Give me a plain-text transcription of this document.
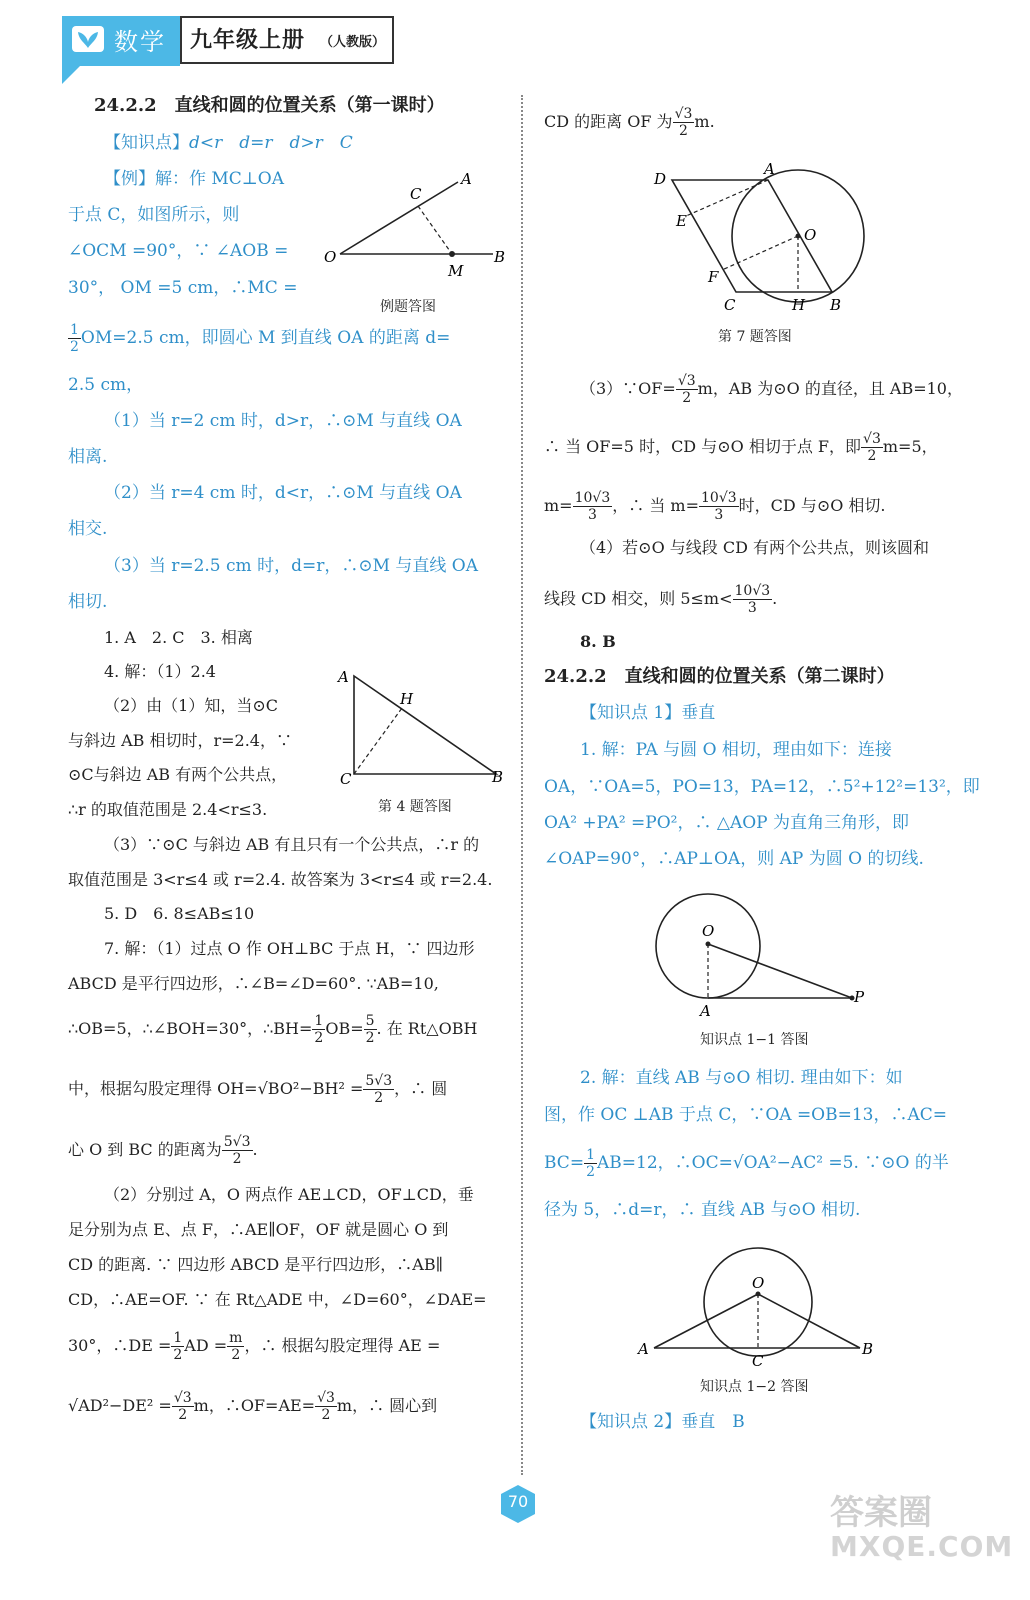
数学 九年级上册 （人教版）
24.2.2　直线和圆的位置关系（第一课时）
【知识点】d<r　d=r　d>r　C
【例】解：作 MC⊥OA
于点 C，如图所示，则
∠OCM =90°，∵ ∠AOB =
30°， OM =5 cm，∴MC =
$\frac{1}{2} OM=2.5$ cm，即圆心 M 到直线 OA 的距离 d=
2.5 cm，
（1）当 r=2 cm 时，d>r，∴⊙M 与直线 OA
相离.
（2）当 r=4 cm 时，d<r，∴⊙M 与直线 OA
相交.
（3）当 r=2.5 cm 时，d=r，∴⊙M 与直线 OA
相切.
O
A
C
M
B
例题答图
1. A　2. C　3. 相离
4. 解：（1）2.4
（2）由（1）知，当⊙C
与斜边 AB 相切时，r=2.4，∵
⊙C与斜边 AB 有两个公共点，
∴r 的取值范围是 2.4<r≤3.
A
H
C	B
第 4 题答图
（3）∵⊙C 与斜边 AB 有且只有一个公共点，∴r 的
取值范围是 3<r≤4 或 r=2.4. 故答案为 3<r≤4 或 r=2.4.
5. D　6. 8≤AB≤10
7. 解：（1）过点 O 作 OH⊥BC 于点 H，∵ 四边形
ABCD 是平行四边形，∴∠B=∠D=60°. ∵AB=10,
∴OB=5，∴∠BOH=30°，∴BH= $\frac{1}{2} OB= \frac{5}{2}$ . 在 Rt△OBH
中，根据勾股定理得 $OH=√BO^2-BH^2 = \frac{5√3}{2}$ ，∴ 圆
心 O 到 BC 的距离为 $\frac{5√3}{2}$ .
（2）分别过 A，O 两点作 AE⊥CD，OF⊥CD，垂
足分别为点 E、点 F，∴AE∥OF，OF 就是圆心 O 到
CD 的距离. ∵ 四边形 ABCD 是平行四边形，∴AB∥
CD，∴AE=OF. ∵ 在 Rt△ADE 中，∠D=60°，∠DAE=
30°，∴DE = $\frac{1}{2}$ AD = $\frac{m}{2}$ ，∴ 根据勾股定理得 AE =
$√AD^2-DE^2 = \frac{√3}{2}$ m，∴OF=AE= $\frac{√3}{2}$ m，∴ 圆心到
CD 的距离 OF 为 $\frac{√3}{2} m$.
D
A
E
O
F
C	H B
第 7 题答图
（3）∵OF= $\frac{√3}{2}$ m，AB 为⊙O 的直径，且 AB=10，
∴ 当 OF=5 时，CD 与⊙O 相切于点 F，即 $\frac{√3}{2} m=5$，
$m= \frac{10√3}{3}$ ，∴ 当 $m= \frac{10√3}{3}$ 时，CD 与⊙O 相切.
（4）若⊙O 与线段 CD 有两个公共点，则该圆和
线段 CD 相交，则 $5\le m< \frac{10√3}{3}$ .
8. B
24.2.2　直线和圆的位置关系（第二课时）
【知识点 1】垂直
1. 解：PA 与圆 O 相切，理由如下：连接
OA，∵OA=5，PO=13，PA=12，∴5²+12²=13²，即
OA² +PA² =PO²，∴ △AOP 为直角三角形，即
∠OAP=90°，∴AP⊥OA，则 AP 为圆 O 的切线.
O
A
P
知识点 1−1 答图
2. 解：直线 AB 与⊙O 相切. 理由如下：如
图，作 OC ⊥AB 于点 C，∵OA =OB=13，∴AC=
$BC= \frac{1}{2} AB=12$，∴OC=√OA²−AC² =5. ∵⊙O 的半
径为 5，∴d=r，∴ 直线 AB 与⊙O 相切.
O
A
C
B
知识点 1−2 答图
【知识点 2】垂直　B
70	答案圈
MXQE.COM
